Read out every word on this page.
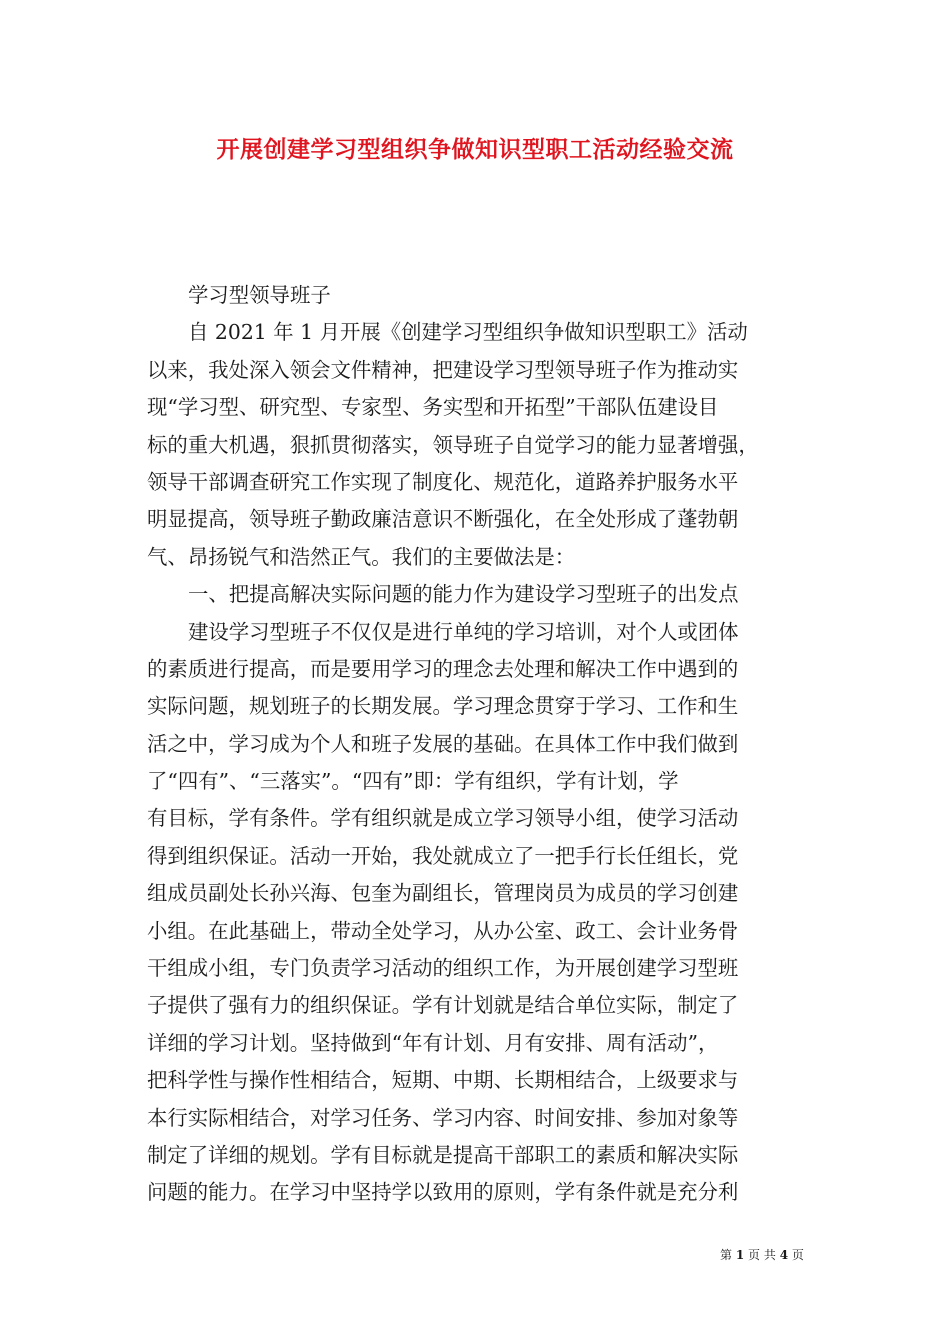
开展创建学习型组织争做知识型职工活动经验交流
学习型领导班子
自 2021 年 1 月开展《创建学习型组织争做知识型职工》活动
以来，我处深入领会文件精神，把建设学习型领导班子作为推动实
现“学习型、研究型、专家型、务实型和开拓型”干部队伍建设目
标的重大机遇，狠抓贯彻落实，领导班子自觉学习的能力显著增强，
领导干部调查研究工作实现了制度化、规范化，道路养护服务水平
明显提高，领导班子勤政廉洁意识不断强化，在全处形成了蓬勃朝
气、昂扬锐气和浩然正气。我们的主要做法是：
一、把提高解决实际问题的能力作为建设学习型班子的出发点
建设学习型班子不仅仅是进行单纯的学习培训，对个人或团体
的素质进行提高，而是要用学习的理念去处理和解决工作中遇到的
实际问题，规划班子的长期发展。学习理念贯穿于学习、工作和生
活之中，学习成为个人和班子发展的基础。在具体工作中我们做到
了“四有”、“三落实”。“四有”即：学有组织，学有计划，学
有目标，学有条件。学有组织就是成立学习领导小组，使学习活动
得到组织保证。活动一开始，我处就成立了一把手行长任组长，党
组成员副处长孙兴海、包奎为副组长，管理岗员为成员的学习创建
小组。在此基础上，带动全处学习，从办公室、政工、会计业务骨
干组成小组，专门负责学习活动的组织工作，为开展创建学习型班
子提供了强有力的组织保证。学有计划就是结合单位实际，制定了
详细的学习计划。坚持做到“年有计划、月有安排、周有活动”，
把科学性与操作性相结合，短期、中期、长期相结合，上级要求与
本行实际相结合，对学习任务、学习内容、时间安排、参加对象等
制定了详细的规划。学有目标就是提高干部职工的素质和解决实际
问题的能力。在学习中坚持学以致用的原则，学有条件就是充分利
第 1 页 共 4 页
